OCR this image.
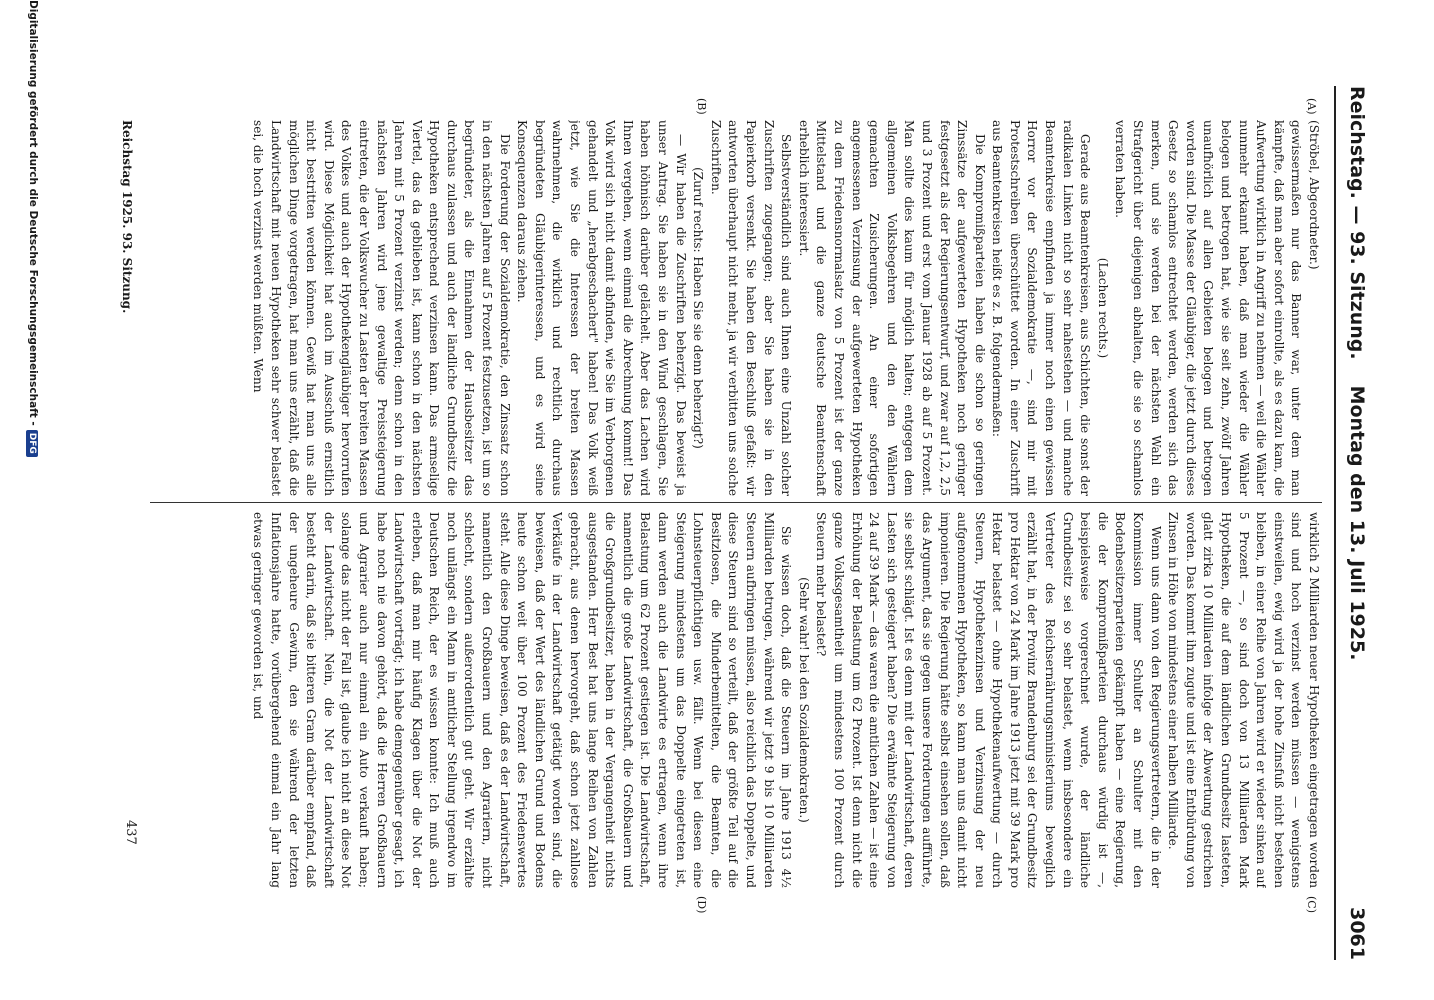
Reichstag. — 93. Sitzung.
Montag den 13. Juli 1925.
3061
(A)
(B)
(C)
(D)

(Ströbel, Abgeordneter.)

gewissermaßen nur das Banner war, unter dem man kämpfte, daß man aber sofort einrollte, als es dazu kam, die Aufwertung wirklich in Angriff zu nehmen — weil die Wähler nunmehr erkannt haben, daß man wieder die Wähler belogen und betrogen hat, wie sie seit zehn, zwölf Jahren unaufhörlich auf allen Gebieten belogen und betrogen worden sind. Die Masse der Gläubiger, die jetzt durch dieses Gesetz so schamlos entrechtet werden, werden sich das merken, und sie werden bei der nächsten Wahl ein Strafgericht über diejenigen abhalten, die sie so schamlos verraten haben.

(Lachen rechts.)

Gerade aus Beamtenkreisen, aus Schichten, die sonst der radikalen Linken nicht so sehr nahestehen — und manche Beamtenkreise empfinden ja immer noch einen gewissen Horror vor der Sozialdemokratie —, sind mir mit Protestschreiben überschüttet worden. In einer Zuschrift aus Beamtenkreisen heißt es z. B. folgendermaßen:

Die Kompromißparteien haben die schon so geringen Zinssätze der aufgewerteten Hypotheken noch geringer festgesetzt als der Regierungsentwurf, und zwar auf 1,2, 2,5 und 3 Prozent und erst vom Januar 1928 ab auf 5 Prozent. Man sollte dies kaum für möglich halten; entgegen dem allgemeinen Volksbegehren und den den Wählern gemachten Zusicherungen. An einer sofortigen angemessenen Verzinsung der aufgewerteten Hypotheken zu dem Friedensnormalsatz von 5 Prozent ist der ganze Mittelstand und die ganze deutsche Beamtenschaft erheblich interessiert.

Selbstverständlich sind auch Ihnen eine Unzahl solcher Zuschriften zugegangen; aber Sie haben sie in den Papierkorb versenkt. Sie haben den Beschluß gefaßt: wir antworten überhaupt nicht mehr, ja wir verbitten uns solche Zuschriften.

(Zuruf rechts: Haben Sie sie denn beherzigt?)

— Wir haben die Zuschriften beherzigt. Das beweist ja unser Antrag. Sie haben sie in den Wind geschlagen, Sie haben höhnisch darüber gelächelt. Aber das Lachen wird Ihnen vergehen, wenn einmal die Abrechnung kommt! Das Volk wird sich nicht damit abfinden, wie Sie im Verborgenen gehandelt und „herabgeschachert" haben! Das Volk weiß jetzt, wie Sie die Interessen der breiten Massen wahrnehmen, die wirklich und rechtlich durchaus begründeten Gläubigerinteressen, und es wird seine Konsequenzen daraus ziehen.

Die Forderung der Sozialdemokratie, den Zinssatz schon in den nächsten Jahren auf 5 Prozent festzusetzen, ist um so begründeter, als die Einnahmen der Hausbesitzer das durchaus zulassen und auch der ländliche Grundbesitz die Hypotheken entsprechend verzinsen kann. Das armselige Viertel, das da geblieben ist, kann schon in den nächsten Jahren mit 5 Prozent verzinst werden; denn schon in den nächsten Jahren wird jene gewaltige Preissteigerung eintreten, die der Volkswucher zu Lasten der breiten Massen des Volkes und auch der Hypothekengläubiger hervorrufen wird. Diese Möglichkeit hat auch im Ausschuß ernstlich nicht bestritten werden können. Gewiß hat man uns alle möglichen Dinge vorgetragen, hat man uns erzählt, daß die Landwirtschaft mit neuen Hypotheken sehr schwer belastet sei, die hoch verzinst werden müßten. Wenn

wirklich 2 Milliarden neuer Hypotheken eingetragen worden sind und hoch verzinst werden müssen — wenigstens einstweilen, ewig wird ja der hohe Zinsfuß nicht bestehen bleiben, in einer Reihe von Jahren wird er wieder sinken auf 5 Prozent —, so sind doch von 13 Milliarden Mark Hypotheken, die auf dem ländlichen Grundbesitz lasteten, glatt zirka 10 Milliarden infolge der Abwertung gestrichen worden. Das kommt ihm zugute und ist eine Entbürdung von Zinsen in Höhe von mindestens einer halben Milliarde.

Wenn uns dann von den Regierungsvertretern, die in der Kommission immer Schulter an Schulter mit den Bodenbesitzerparteien gekämpft haben — eine Regierung, die der Kompromißparteien durchaus würdig ist —, beispielsweise vorgerechnet wurde, der ländliche Grundbesitz sei so sehr belastet, wenn insbesondere ein Vertreter des Reichsernährungsministeriums beweglich erzählt hat, in der Provinz Brandenburg sei der Grundbesitz pro Hektar von 24 Mark im Jahre 1913 jetzt mit 39 Mark pro Hektar belastet — ohne Hypothekenaufwertung — durch Steuern, Hypothekenzinsen und Verzinsung der neu aufgenommenen Hypotheken, so kann man uns damit nicht imponieren. Die Regierung hätte selbst einsehen sollen, daß das Argument, das sie gegen unsere Forderungen aufführte, sie selbst schlägt. Ist es denn mit der Landwirtschaft, deren Lasten sich gesteigert haben? Die erwähnte Steigerung von 24 auf 39 Mark — das waren die amtlichen Zahlen — ist eine Erhöhung der Belastung um 62 Prozent. Ist denn nicht die ganze Volksgesamtheit um mindestens 100 Prozent durch Steuern mehr belastet?

(Sehr wahr! bei den Sozialdemokraten.)

Sie wissen doch, daß die Steuern im Jahre 1913 4½ Milliarden betrugen, während wir jetzt 9 bis 10 Milliarden Steuern aufbringen müssen, also reichlich das Doppelte, und diese Steuern sind so verteilt, daß der größte Teil auf die Besitzlosen, die Minderbemittelten, die Beamten, die Lohnsteuerpflichtigen usw. fällt. Wenn bei diesen eine Steigerung mindestens um das Doppelte eingetreten ist, dann werden auch die Landwirte es ertragen, wenn ihre Belastung um 62 Prozent gestiegen ist. Die Landwirtschaft, namentlich die große Landwirtschaft, die Großbauern und die Großgrundbesitzer, haben in der Vergangenheit nichts ausgestanden. Herr Best hat uns lange Reihen von Zahlen gebracht, aus denen hervorgeht, daß schon jetzt zahllose Verkäufe in der Landwirtschaft getätigt worden sind, die beweisen, daß der Wert des ländlichen Grund und Bodens heute schon weit über 100 Prozent des Friedenswertes steht. Alle diese Dinge beweisen, daß es der Landwirtschaft, namentlich den Großbauern und den Agrariern, nicht schlecht, sondern außerordentlich gut geht. Wir erzählte noch unlängst ein Mann in amtlicher Stellung irgendwo im Deutschen Reich, der es wissen konnte: Ich muß auch erleben, daß man mir häufig Klagen über die Not der Landwirtschaft vorträgt; ich habe demgegenüber gesagt, ich habe noch nie davon gehört, daß die Herren Großbauern und Agrarier auch nur einmal ein Auto verkauft haben; solange das nicht der Fall ist, glaube ich nicht an diese Not der Landwirtschaft. Nein, die Not der Landwirtschaft besteht darin, daß sie bitteren Gram darüber empfand, daß der ungeheure Gewinn, den sie während der letzten Inflationsjahre hatte, vorübergehend einmal ein Jahr lang etwas geringer geworden ist, und

Reichstag 1925. 93. Sitzung.
437
Digitalisierung gefördert durch die Deutsche Forschungsgemeinschaft -DFG
